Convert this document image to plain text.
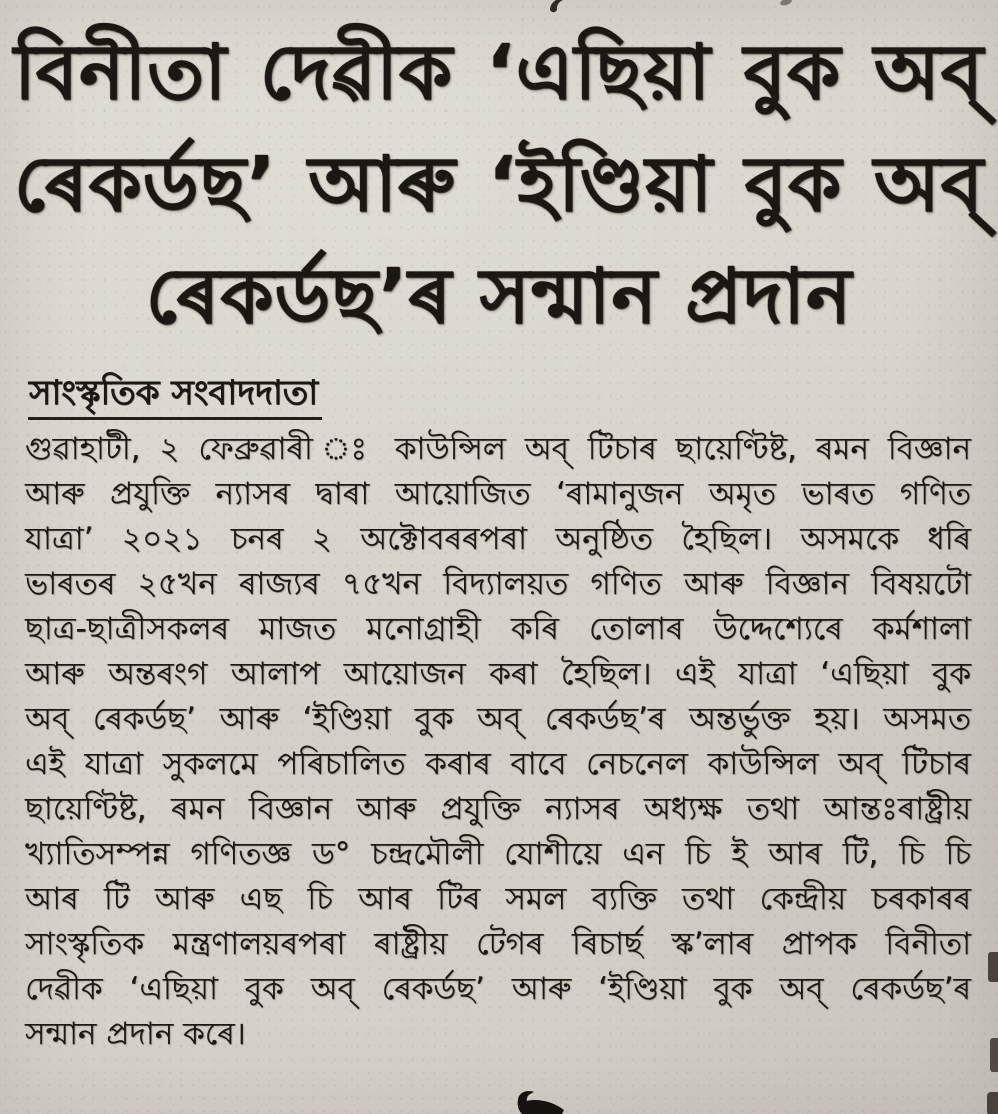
বিনীতা দেৱীক ‘এছিয়া বুক অব্
ৰেকৰ্ডছ’ আৰু ‘ইণ্ডিয়া বুক অব্
ৰেকৰ্ডছ’ৰ সন্মান প্ৰদান
সাংস্কৃতিক সংবাদদাতা
গুৱাহাটী, ২ ফেব্ৰুৱাৰী ঃ কাউন্সিল অব্ টিচাৰ ছায়েণ্টিষ্ট, ৰমন বিজ্ঞান
আৰু প্ৰযুক্তি ন্যাসৰ দ্বাৰা আয়োজিত ‘ৰামানুজন অমৃত ভাৰত গণিত
যাত্ৰা’ ২০২১ চনৰ ২ অক্টোবৰৰপৰা অনুষ্ঠিত হৈছিল। অসমকে ধৰি
ভাৰতৰ ২৫খন ৰাজ্যৰ ৭৫খন বিদ্যালয়ত গণিত আৰু বিজ্ঞান বিষয়টো
ছাত্ৰ-ছাত্ৰীসকলৰ মাজত মনোগ্ৰাহী কৰি তোলাৰ উদ্দেশ্যেৰে কৰ্মশালা
আৰু অন্তৰংগ আলাপ আয়োজন কৰা হৈছিল। এই যাত্ৰা ‘এছিয়া বুক
অব্ ৰেকৰ্ডছ’ আৰু ‘ইণ্ডিয়া বুক অব্ ৰেকৰ্ডছ’ৰ অন্তৰ্ভুক্ত হয়। অসমত
এই যাত্ৰা সুকলমে পৰিচালিত কৰাৰ বাবে নেচনেল কাউন্সিল অব্ টিচাৰ
ছায়েণ্টিষ্ট, ৰমন বিজ্ঞান আৰু প্ৰযুক্তি ন্যাসৰ অধ্যক্ষ তথা আন্তঃৰাষ্ট্ৰীয়
খ্যাতিসম্পন্ন গণিতজ্ঞ ড° চন্দ্ৰমৌলী যোশীয়ে এন চি ই আৰ টি, চি চি
আৰ টি আৰু এছ চি আৰ টিৰ সমল ব্যক্তি তথা কেন্দ্ৰীয় চৰকাৰৰ
সাংস্কৃতিক মন্ত্ৰণালয়ৰপৰা ৰাষ্ট্ৰীয় টেগৰ ৰিচাৰ্ছ স্ক’লাৰ প্ৰাপক বিনীতা
দেৱীক ‘এছিয়া বুক অব্ ৰেকৰ্ডছ’ আৰু ‘ইণ্ডিয়া বুক অব্ ৰেকৰ্ডছ’ৰ
সন্মান প্ৰদান কৰে।
